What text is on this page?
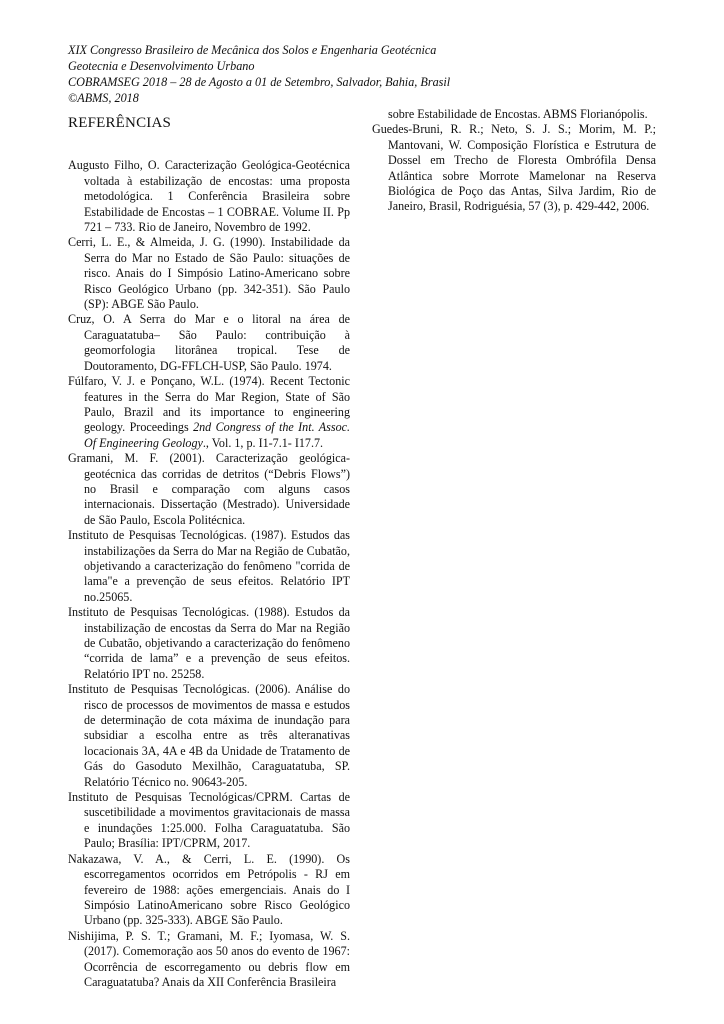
XIX Congresso Brasileiro de Mecânica dos Solos e Engenharia Geotécnica
Geotecnia e Desenvolvimento Urbano
COBRAMSEG 2018 – 28 de Agosto a 01 de Setembro, Salvador, Bahia, Brasil
©ABMS, 2018
REFERÊNCIAS

Augusto Filho, O. Caracterização Geológica-Geotécnica voltada à estabilização de encostas: uma proposta metodológica. 1 Conferência Brasileira sobre Estabilidade de Encostas – 1 COBRAE. Volume II. Pp 721 – 733. Rio de Janeiro, Novembro de 1992.

Cerri, L. E., & Almeida, J. G. (1990). Instabilidade da Serra do Mar no Estado de São Paulo: situações de risco. Anais do I Simpósio Latino-Americano sobre Risco Geológico Urbano (pp. 342-351). São Paulo (SP): ABGE São Paulo.

Cruz, O. A Serra do Mar e o litoral na área de Caraguatatuba– São Paulo: contribuição à geomorfologia litorânea tropical. Tese de Doutoramento, DG-FFLCH-USP, São Paulo. 1974.

Fúlfaro, V. J. e Ponçano, W.L. (1974). Recent Tectonic features in the Serra do Mar Region, State of São Paulo, Brazil and its importance to engineering geology. Proceedings 2nd Congress of the Int. Assoc. Of Engineering Geology., Vol. 1, p. I1-7.1- I17.7.

Gramani, M. F. (2001). Caracterização geológica-geotécnica das corridas de detritos (“Debris Flows”) no Brasil e comparação com alguns casos internacionais. Dissertação (Mestrado). Universidade de São Paulo, Escola Politécnica.

Instituto de Pesquisas Tecnológicas. (1987). Estudos das instabilizações da Serra do Mar na Região de Cubatão, objetivando a caracterização do fenômeno "corrida de lama"e a prevenção de seus efeitos. Relatório IPT no.25065.

Instituto de Pesquisas Tecnológicas. (1988). Estudos da instabilização de encostas da Serra do Mar na Região de Cubatão, objetivando a caracterização do fenômeno “corrida de lama” e a prevenção de seus efeitos. Relatório IPT no. 25258.

Instituto de Pesquisas Tecnológicas. (2006). Análise do risco de processos de movimentos de massa e estudos de determinação de cota máxima de inundação para subsidiar a escolha entre as três alteranativas locacionais 3A, 4A e 4B da Unidade de Tratamento de Gás do Gasoduto Mexilhão, Caraguatatuba, SP. Relatório Técnico no. 90643-205.

Instituto de Pesquisas Tecnológicas/CPRM. Cartas de suscetibilidade a movimentos gravitacionais de massa e inundações 1:25.000. Folha Caraguatatuba. São Paulo; Brasília: IPT/CPRM, 2017.

Nakazawa, V. A., & Cerri, L. E. (1990). Os escorregamentos ocorridos em Petrópolis - RJ em fevereiro de 1988: ações emergenciais. Anais do I Simpósio LatinoAmericano sobre Risco Geológico Urbano (pp. 325-333). ABGE São Paulo.

Nishijima, P. S. T.; Gramani, M. F.; Iyomasa, W. S. (2017). Comemoração aos 50 anos do evento de 1967: Ocorrência de escorregamento ou debris flow em Caraguatatuba? Anais da XII Conferência Brasileira

sobre Estabilidade de Encostas. ABMS Florianópolis.

Guedes-Bruni, R. R.; Neto, S. J. S.; Morim, M. P.; Mantovani, W. Composição Florística e Estrutura de Dossel em Trecho de Floresta Ombrófila Densa Atlântica sobre Morrote Mamelonar na Reserva Biológica de Poço das Antas, Silva Jardim, Rio de Janeiro, Brasil, Rodriguésia, 57 (3), p. 429-442, 2006.
